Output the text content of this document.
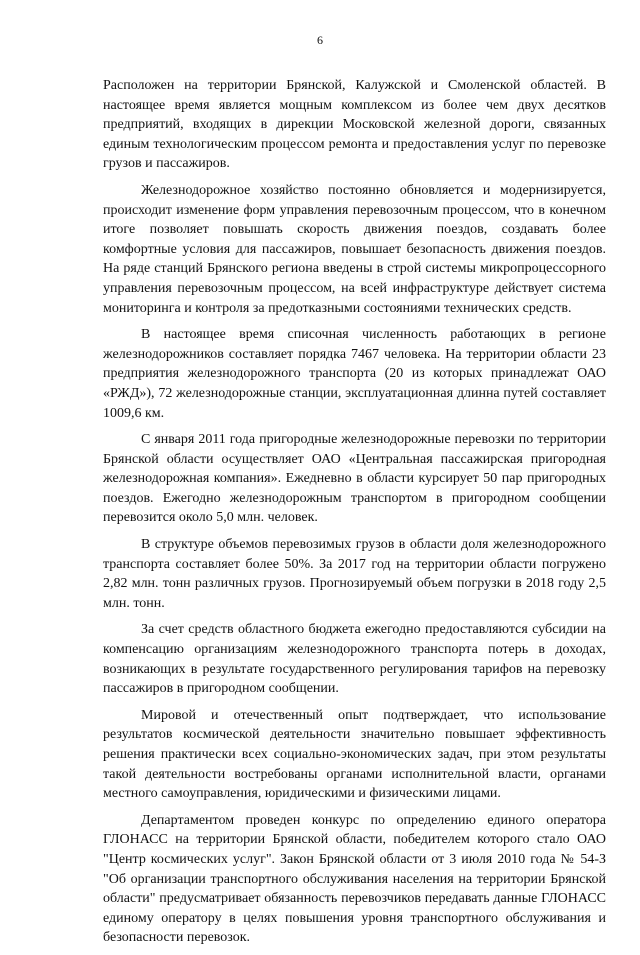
6

Расположен на территории Брянской, Калужской и Смоленской областей. В настоящее время является мощным комплексом из более чем двух десятков предприятий, входящих в дирекции Московской железной дороги, связанных единым технологическим процессом ремонта и предоставления услуг по перевозке грузов и пассажиров.

Железнодорожное хозяйство постоянно обновляется и модернизируется, происходит изменение форм управления перевозочным процессом, что в конечном итоге позволяет повышать скорость движения поездов, создавать более комфортные условия для пассажиров, повышает безопасность движения поездов. На ряде станций Брянского региона введены в строй системы микропроцессорного управления перевозочным процессом, на всей инфраструктуре действует система мониторинга и контроля за предотказными состояниями технических средств.

В настоящее время списочная численность работающих в регионе железнодорожников составляет порядка 7467 человека. На территории области 23 предприятия железнодорожного транспорта (20 из которых принадлежат ОАО «РЖД»), 72 железнодорожные станции, эксплуатационная длинна путей составляет 1009,6 км.

С января 2011 года пригородные железнодорожные перевозки по территории Брянской области осуществляет ОАО «Центральная пассажирская пригородная железнодорожная компания». Ежедневно в области курсирует 50 пар пригородных поездов. Ежегодно железнодорожным транспортом в пригородном сообщении перевозится около 5,0 млн. человек.

В структуре объемов перевозимых грузов в области доля железнодорожного транспорта составляет более 50%. За 2017 год на территории области погружено 2,82 млн. тонн различных грузов. Прогнозируемый объем погрузки в 2018 году 2,5 млн. тонн.

За счет средств областного бюджета ежегодно предоставляются субсидии на компенсацию организациям железнодорожного транспорта потерь в доходах, возникающих в результате государственного регулирования тарифов на перевозку пассажиров в пригородном сообщении.

Мировой и отечественный опыт подтверждает, что использование результатов космической деятельности значительно повышает эффективность решения практически всех социально-экономических задач, при этом результаты такой деятельности востребованы органами исполнительной власти, органами местного самоуправления, юридическими и физическими лицами.

Департаментом проведен конкурс по определению единого оператора ГЛОНАСС на территории Брянской области, победителем которого стало ОАО "Центр космических услуг". Закон Брянской области от 3 июля 2010 года № 54-З "Об организации транспортного обслуживания населения на территории Брянской области" предусматривает обязанность перевозчиков передавать данные ГЛОНАСС единому оператору в целях повышения уровня транспортного обслуживания и безопасности перевозок.
